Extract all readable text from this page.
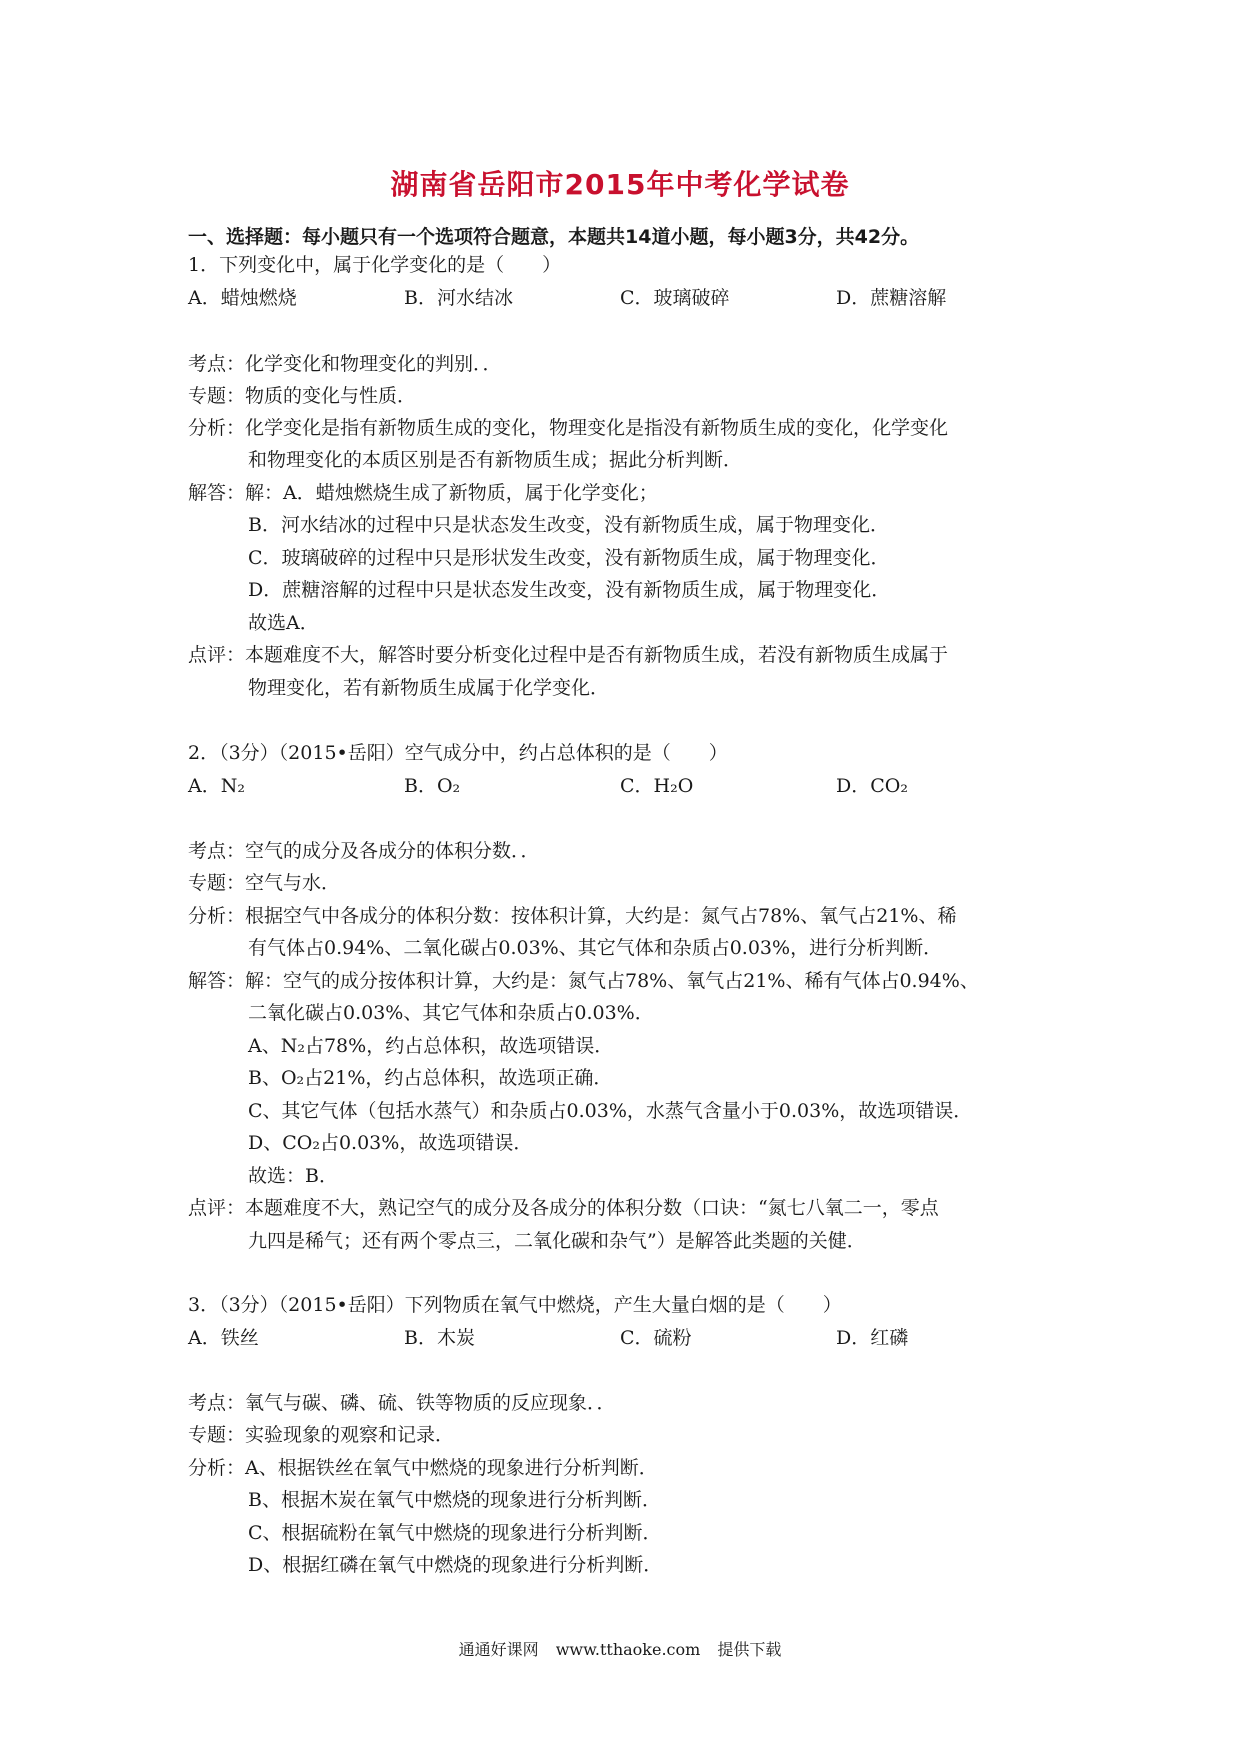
湖南省岳阳市2015年中考化学试卷
一、选择题：每小题只有一个选项符合题意，本题共14道小题，每小题3分，共42分。
1．下列变化中，属于化学变化的是（　　）
A．蜡烛燃烧	B．河水结冰	C．玻璃破碎	D．蔗糖溶解
考点：化学变化和物理变化的判别．．
专题：物质的变化与性质．
分析：化学变化是指有新物质生成的变化，物理变化是指没有新物质生成的变化，化学变化
和物理变化的本质区别是否有新物质生成；据此分析判断．
解答：解：A．蜡烛燃烧生成了新物质，属于化学变化；
B．河水结冰的过程中只是状态发生改变，没有新物质生成，属于物理变化．
C．玻璃破碎的过程中只是形状发生改变，没有新物质生成，属于物理变化．
D．蔗糖溶解的过程中只是状态发生改变，没有新物质生成，属于物理变化．
故选A．
点评：本题难度不大，解答时要分析变化过程中是否有新物质生成，若没有新物质生成属于
物理变化，若有新物质生成属于化学变化．
2．（3分）（2015•岳阳）空气成分中，约占总体积的是（　　）
A．N₂	B．O₂	C．H₂O	D．CO₂
考点：空气的成分及各成分的体积分数．．
专题：空气与水．
分析：根据空气中各成分的体积分数：按体积计算，大约是：氮气占78%、氧气占21%、稀
有气体占0.94%、二氧化碳占0.03%、其它气体和杂质占0.03%，进行分析判断．
解答：解：空气的成分按体积计算，大约是：氮气占78%、氧气占21%、稀有气体占0.94%、
二氧化碳占0.03%、其它气体和杂质占0.03%．
A、N₂占78%，约占总体积，故选项错误．
B、O₂占21%，约占总体积，故选项正确．
C、其它气体（包括水蒸气）和杂质占0.03%，水蒸气含量小于0.03%，故选项错误．
D、CO₂占0.03%，故选项错误．
故选：B．
点评：本题难度不大，熟记空气的成分及各成分的体积分数（口诀：“氮七八氧二一，零点
九四是稀气；还有两个零点三，二氧化碳和杂气”）是解答此类题的关健．
3．（3分）（2015•岳阳）下列物质在氧气中燃烧，产生大量白烟的是（　　）
A．铁丝	B．木炭	C．硫粉	D．红磷
考点：氧气与碳、磷、硫、铁等物质的反应现象．．
专题：实验现象的观察和记录．
分析：A、根据铁丝在氧气中燃烧的现象进行分析判断．
B、根据木炭在氧气中燃烧的现象进行分析判断．
C、根据硫粉在氧气中燃烧的现象进行分析判断．
D、根据红磷在氧气中燃烧的现象进行分析判断．
通通好课网 www.tthaoke.com 提供下载
